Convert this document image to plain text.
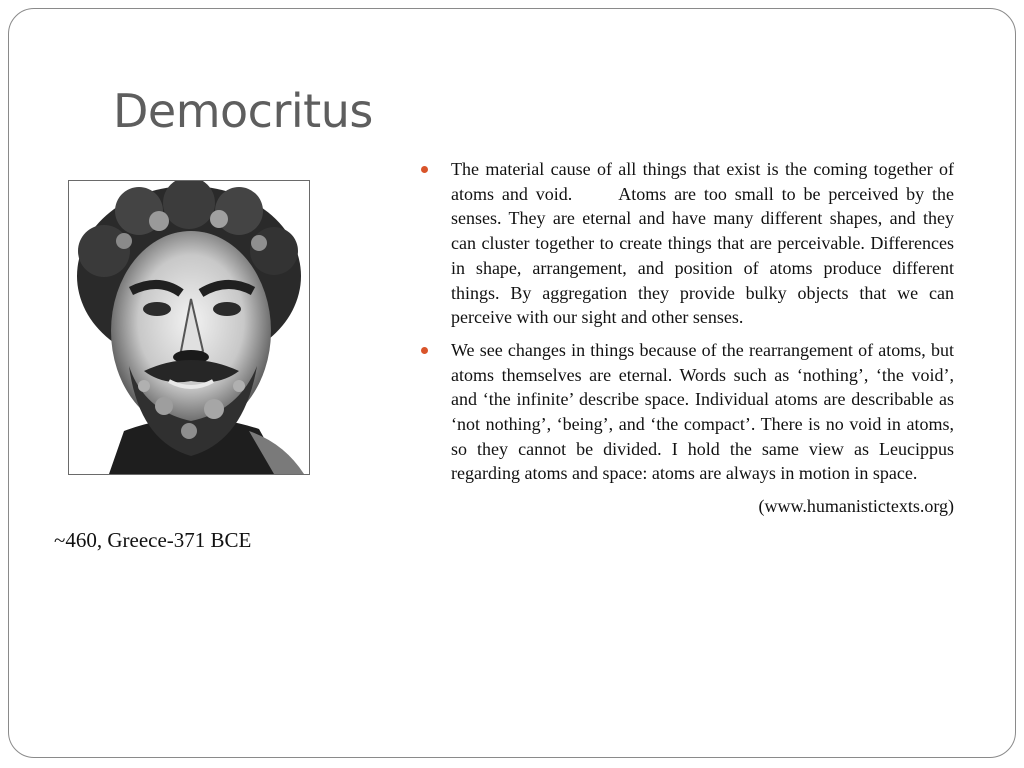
Democritus
~460, Greece-371 BCE
The material cause of all things that exist is the coming together of atoms and void.	Atoms are too small to be perceived by the senses. They are eternal and have many different shapes, and they can cluster together to create things that are perceivable. Differences in shape, arrangement, and position of atoms produce different things. By aggregation they provide bulky objects that we can perceive with our sight and other senses.
We see changes in things because of the rearrangement of atoms, but atoms themselves are eternal. Words such as ‘nothing’, ‘the void’, and ‘the infinite’ describe space. Individual atoms are describable as ‘not nothing’, ‘being’, and ‘the compact’. There is no void in atoms, so they cannot be divided. I hold the same view as Leucippus regarding atoms and space: atoms are always in motion in space.
(www.humanistictexts.org)
